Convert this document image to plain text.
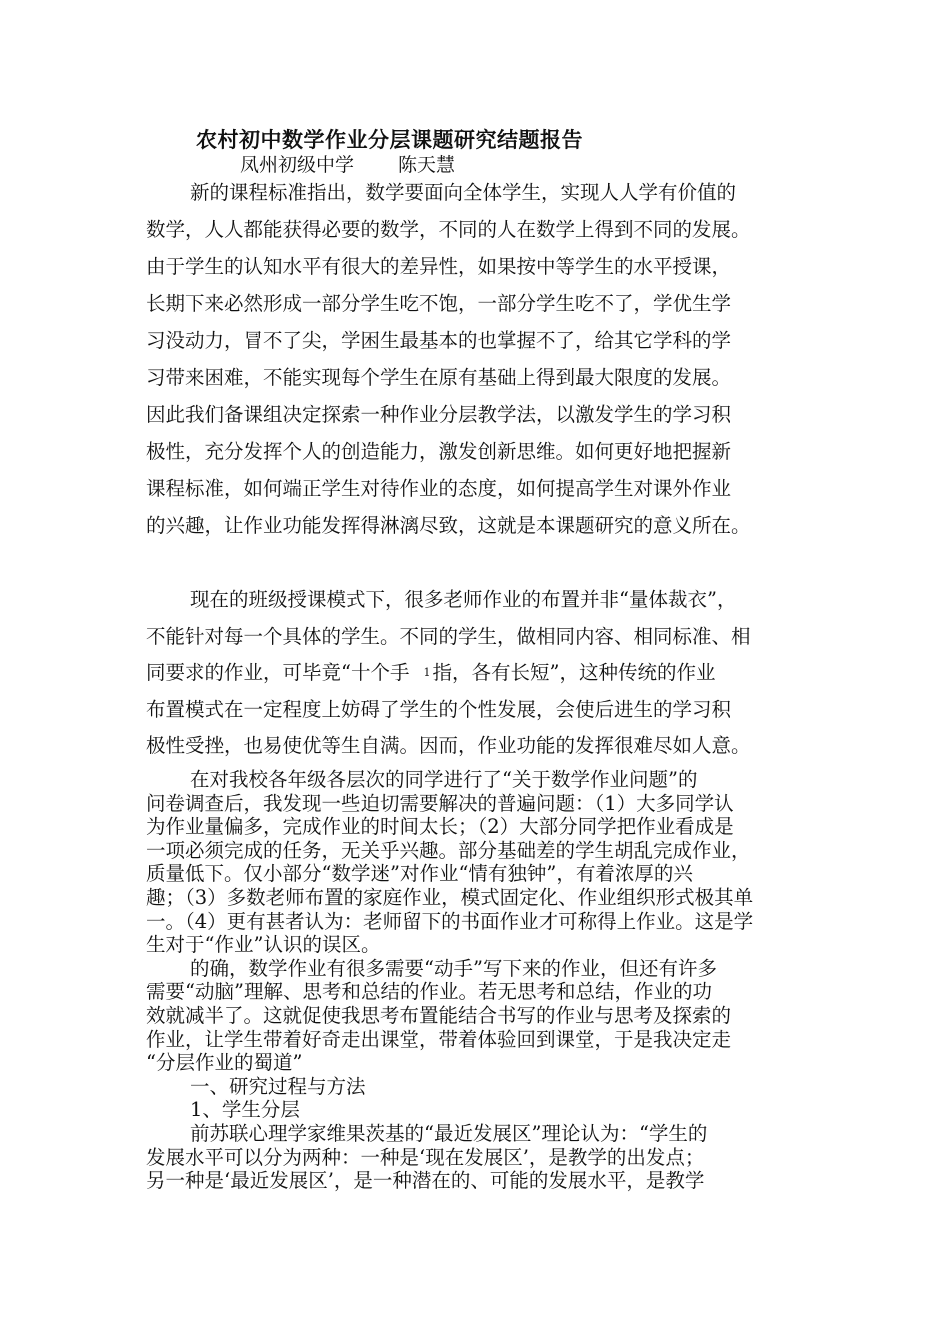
农村初中数学作业分层课题研究结题报告
凤州初级中学 陈天慧
新的课程标准指出，数学要面向全体学生，实现人人学有价值的
数学，人人都能获得必要的数学，不同的人在数学上得到不同的发展。
由于学生的认知水平有很大的差异性，如果按中等学生的水平授课，
长期下来必然形成一部分学生吃不饱，一部分学生吃不了，学优生学
习没动力，冒不了尖，学困生最基本的也掌握不了，给其它学科的学
习带来困难，不能实现每个学生在原有基础上得到最大限度的发展。
因此我们备课组决定探索一种作业分层教学法，以激发学生的学习积
极性，充分发挥个人的创造能力，激发创新思维。如何更好地把握新
课程标准，如何端正学生对待作业的态度，如何提高学生对课外作业
的兴趣，让作业功能发挥得淋漓尽致，这就是本课题研究的意义所在。
现在的班级授课模式下，很多老师作业的布置并非“量体裁衣”，
不能针对每一个具体的学生。不同的学生，做相同内容、相同标准、相
同要求的作业，可毕竟“十个手 $^1$ 指，各有长短”，这种传统的作业
布置模式在一定程度上妨碍了学生的个性发展，会使后进生的学习积
极性受挫，也易使优等生自满。因而，作业功能的发挥很难尽如人意。
在对我校各年级各层次的同学进行了“关于数学作业问题”的
问卷调查后，我发现一些迫切需要解决的普遍问题：（1）大多同学认
为作业量偏多，完成作业的时间太长；（2）大部分同学把作业看成是
一项必须完成的任务，无关乎兴趣。部分基础差的学生胡乱完成作业，
质量低下。仅小部分“数学迷”对作业“情有独钟”，有着浓厚的兴
趣；（3）多数老师布置的家庭作业，模式固定化、作业组织形式极其单
一。（4）更有甚者认为：老师留下的书面作业才可称得上作业。这是学
生对于“作业”认识的误区。
的确，数学作业有很多需要“动手”写下来的作业，但还有许多
需要“动脑”理解、思考和总结的作业。若无思考和总结，作业的功
效就减半了。这就促使我思考布置能结合书写的作业与思考及探索的
作业，让学生带着好奇走出课堂，带着体验回到课堂，于是我决定走
“分层作业的蜀道”
一、研究过程与方法
1、学生分层
前苏联心理学家维果茨基的“最近发展区”理论认为：“学生的
发展水平可以分为两种：一种是‘现在发展区’，是教学的出发点；
另一种是‘最近发展区’，是一种潜在的、可能的发展水平，是教学
